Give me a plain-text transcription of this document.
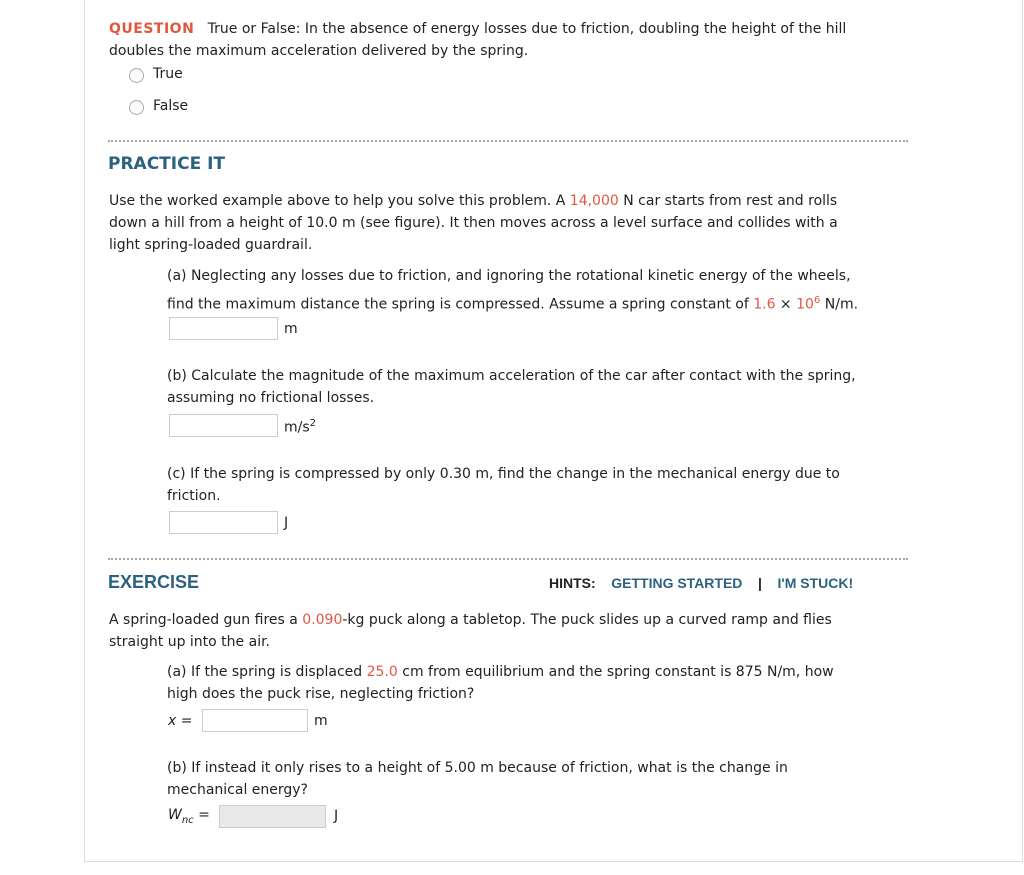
QUESTION True or False: In the absence of energy losses due to friction, doubling the height of the hill
doubles the maximum acceleration delivered by the spring.
True
False
PRACTICE IT
Use the worked example above to help you solve this problem. A 14,000 N car starts from rest and rolls
down a hill from a height of 10.0 m (see figure). It then moves across a level surface and collides with a
light spring-loaded guardrail.
(a) Neglecting any losses due to friction, and ignoring the rotational kinetic energy of the wheels,
find the maximum distance the spring is compressed. Assume a spring constant of $1.6 \times 10^6$ N/m.
m
(b) Calculate the magnitude of the maximum acceleration of the car after contact with the spring,
assuming no frictional losses.
$m/s^2$
(c) If the spring is compressed by only 0.30 m, find the change in the mechanical energy due to
friction.
J
EXERCISE	HINTS: GETTING STARTED | I'M STUCK!
A spring-loaded gun fires a 0.090-kg puck along a tabletop. The puck slides up a curved ramp and flies
straight up into the air.
(a) If the spring is displaced 25.0 cm from equilibrium and the spring constant is 875 N/m, how
high does the puck rise, neglecting friction?
x =	m
(b) If instead it only rises to a height of 5.00 m because of friction, what is the change in
mechanical energy?
$W_{nc}$ =	J
